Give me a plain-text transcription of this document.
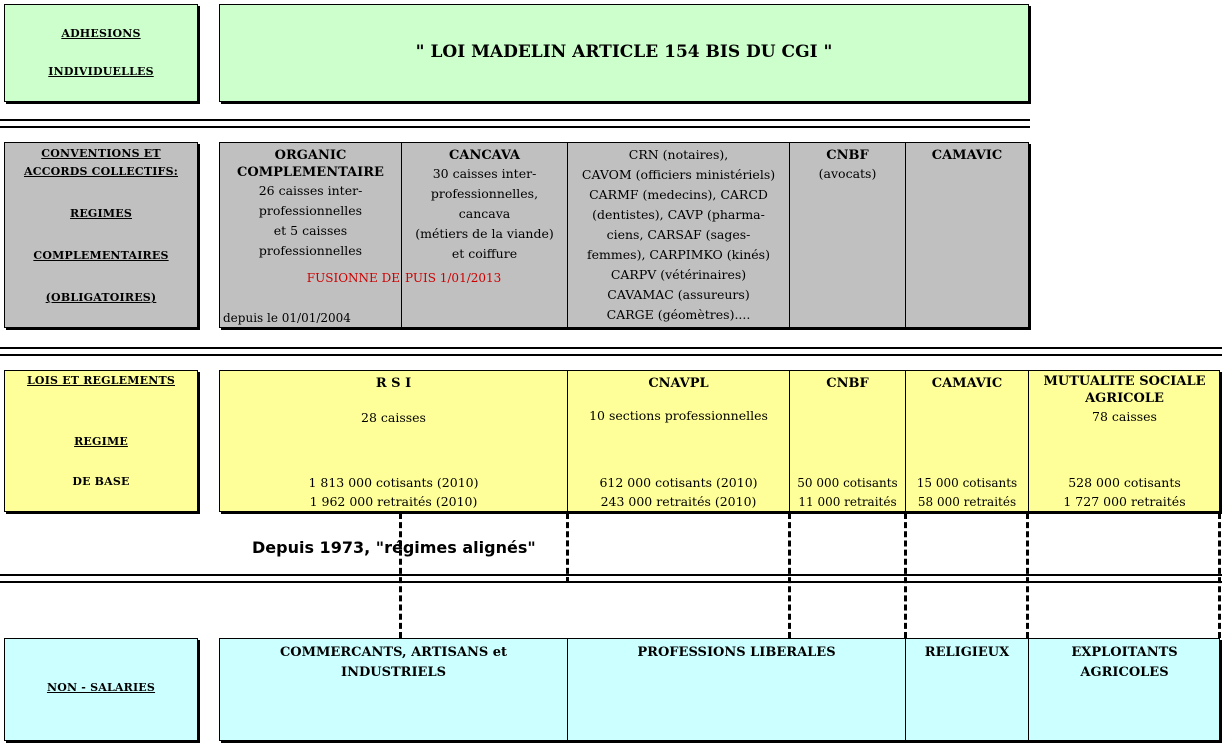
ADHESIONS
INDIVIDUELLES
" LOI MADELIN ARTICLE 154 BIS DU CGI "
CONVENTIONS ET
ACCORDS COLLECTIFS:
REGIMES
COMPLEMENTAIRES
(OBLIGATOIRES)
ORGANIC
COMPLEMENTAIRE
26 caisses inter-
professionnelles
et 5 caisses
professionnelles
depuis le 01/01/2004
FUSIONNE DE PUIS 1/01/2013
CANCAVA
30 caisses inter-
professionnelles,
cancava
(métiers de la viande)
et coiffure
CRN (notaires),
CAVOM (officiers ministériels)
CARMF (medecins), CARCD
(dentistes), CAVP (pharma-
ciens, CARSAF (sages-
femmes), CARPIMKO (kinés)
CARPV (vétérinaires)
CAVAMAC (assureurs)
CARGE (géomètres)....
CNBF
(avocats)
CAMAVIC
LOIS ET REGLEMENTS
REGIME
DE BASE
R S I
28 caisses
1 813 000 cotisants (2010)
1 962 000 retraités (2010)
CNAVPL
10 sections professionnelles
612 000 cotisants (2010)
243 000 retraités (2010)
CNBF
50 000 cotisants
11 000 retraités
CAMAVIC
15 000 cotisants
58 000 retraités
MUTUALITE SOCIALE
AGRICOLE
78 caisses
528 000 cotisants
1 727 000 retraités
Depuis 1973, "régimes alignés"
NON - SALARIES
COMMERCANTS, ARTISANS et
INDUSTRIELS
PROFESSIONS LIBERALES	RELIGIEUX	EXPLOITANTS
AGRICOLES
